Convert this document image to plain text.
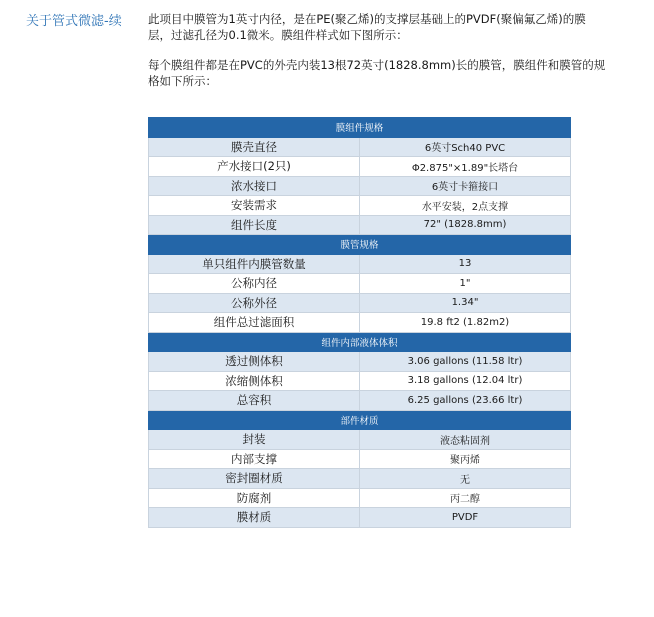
关于管式微滤-续 此项目中膜管为1英寸内径，是在PE(聚乙烯)的支撑层基础上的PVDF(聚偏氟乙烯)的膜层，过滤孔径为0.1微米。膜组件样式如下图所示：
每个膜组件都是在PVC的外壳内装13根72英寸(1828.8mm)长的膜管，膜组件和膜管的规格如下所示：
膜组件规格	
膜壳直径	6英寸Sch40 PVC
产水接口(2只)	Φ2.875"×1.89"长塔台
浓水接口	6英寸卡箍接口
安装需求	水平安装，2点支撑
组件长度	72" (1828.8mm)
膜管规格	
单只组件内膜管数量	13
公称内径	1"
公称外径	1.34"
组件总过滤面积	19.8 ft2 (1.82m2)
组件内部液体体积	
透过侧体积	3.06 gallons (11.58 ltr)
浓缩侧体积	3.18 gallons (12.04 ltr)
总容积	6.25 gallons (23.66 ltr)
部件材质	
封装	液态粘固剂
内部支撑	聚丙烯
密封圈材质	无
防腐剂	丙二醇
膜材质	PVDF
